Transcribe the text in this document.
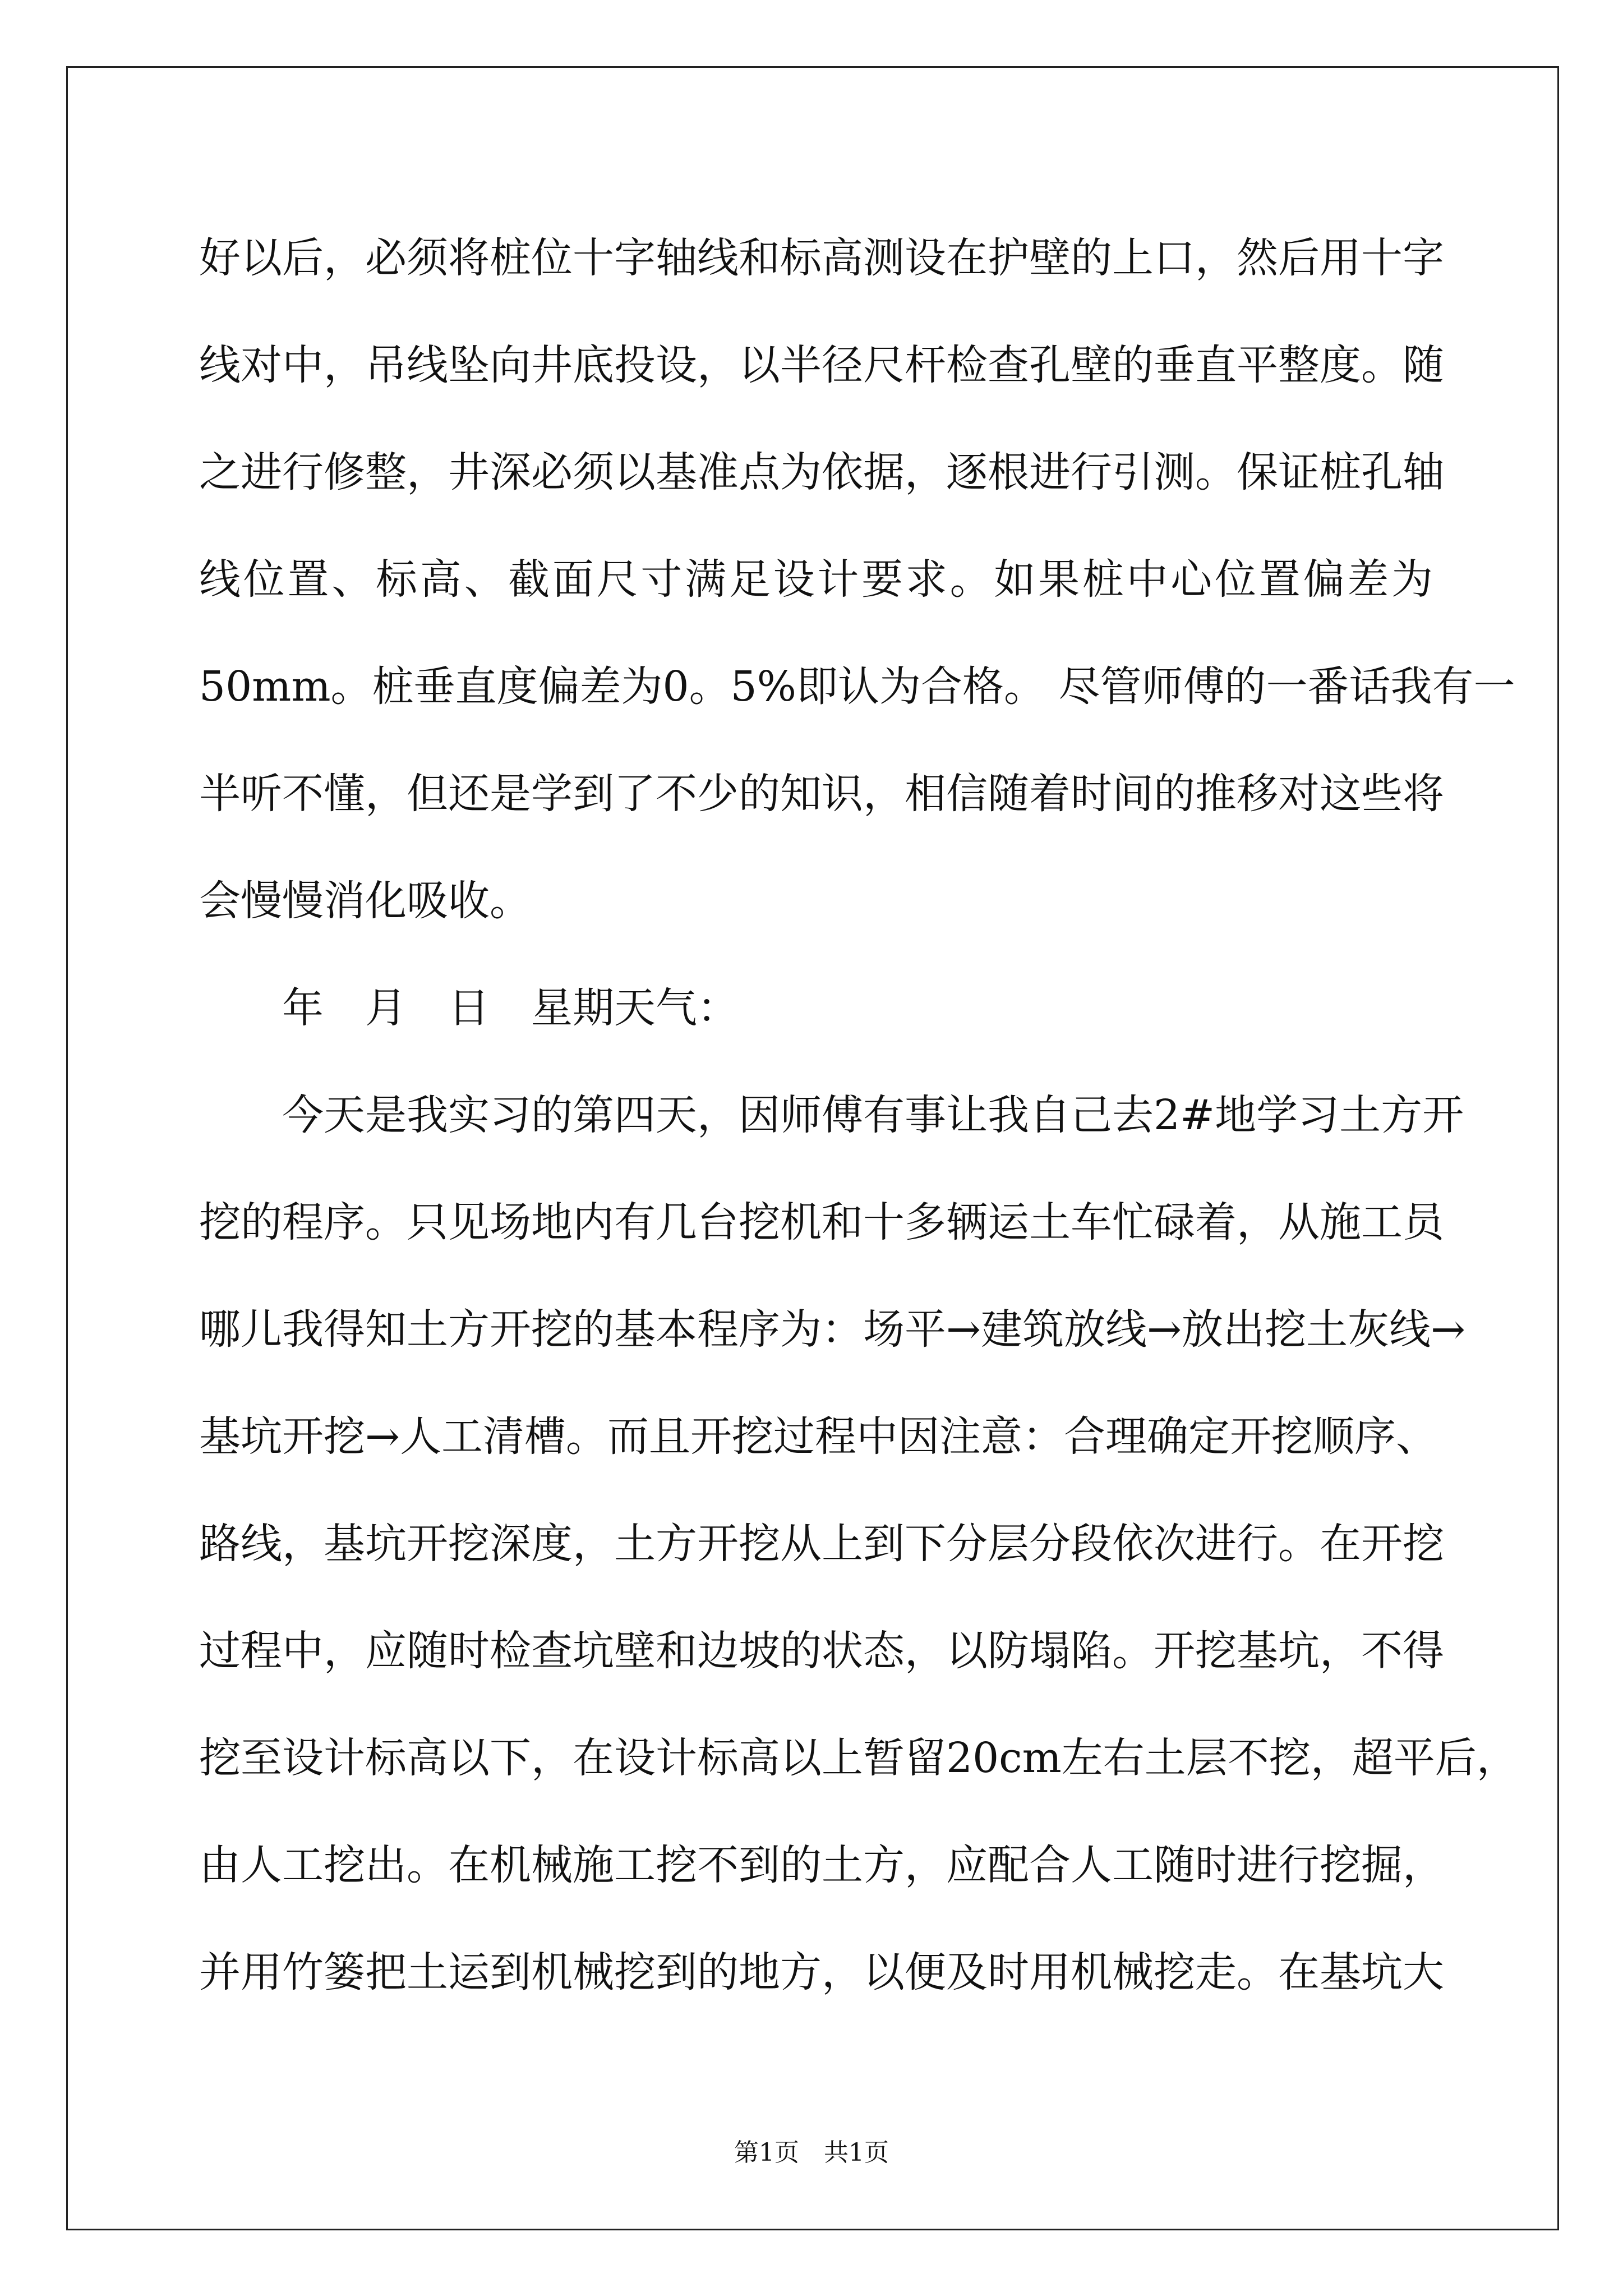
好以后，必须将桩位十字轴线和标高测设在护壁的上口，然后用十字
线对中，吊线坠向井底投设，以半径尺杆检查孔壁的垂直平整度。随
之进行修整，井深必须以基准点为依据，逐根进行引测。保证桩孔轴
线位置、标高、截面尺寸满足设计要求。如果桩中心位置偏差为
50mm。桩垂直度偏差为0。5%即认为合格。 尽管师傅的一番话我有一
半听不懂，但还是学到了不少的知识，相信随着时间的推移对这些将
会慢慢消化吸收。
年　月　日　星期天气：
今天是我实习的第四天，因师傅有事让我自己去2#地学习土方开
挖的程序。只见场地内有几台挖机和十多辆运土车忙碌着，从施工员
哪儿我得知土方开挖的基本程序为：场平→建筑放线→放出挖土灰线→
基坑开挖→人工清槽。而且开挖过程中因注意：合理确定开挖顺序、
路线，基坑开挖深度，土方开挖从上到下分层分段依次进行。在开挖
过程中，应随时检查坑壁和边坡的状态，以防塌陷。开挖基坑，不得
挖至设计标高以下，在设计标高以上暂留20cm左右土层不挖，超平后，
由人工挖出。在机械施工挖不到的土方，应配合人工随时进行挖掘，
并用竹篓把土运到机械挖到的地方，以便及时用机械挖走。在基坑大
第1页　共1页
